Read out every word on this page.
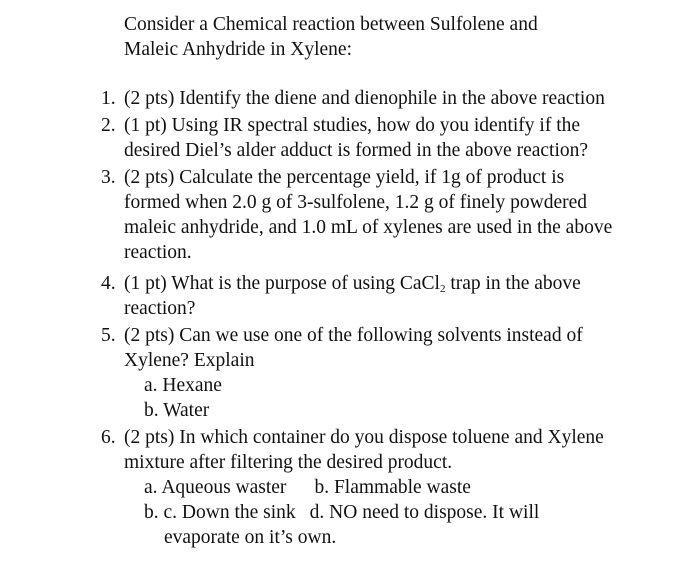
Consider a Chemical reaction between Sulfolene and
Maleic Anhydride in Xylene:
1. (2 pts) Identify the diene and dienophile in the above reaction
2. (1 pt) Using IR spectral studies, how do you identify if the desired Diel’s alder adduct is formed in the above reaction?
3. (2 pts) Calculate the percentage yield, if 1g of product is formed when 2.0 g of 3-sulfolene, 1.2 g of finely powdered maleic anhydride, and 1.0 mL of xylenes are used in the above reaction.
4. (1 pt) What is the purpose of using CaCl$_2$ trap in the above reaction?
5. (2 pts) Can we use one of the following solvents instead of Xylene? Explain
a. Hexane
b. Water
6. (2 pts) In which container do you dispose toluene and Xylene mixture after filtering the desired product.
a. Aqueous waster b. Flammable waste
b. c. Down the sink d. NO need to dispose. It will
evaporate on it’s own.
